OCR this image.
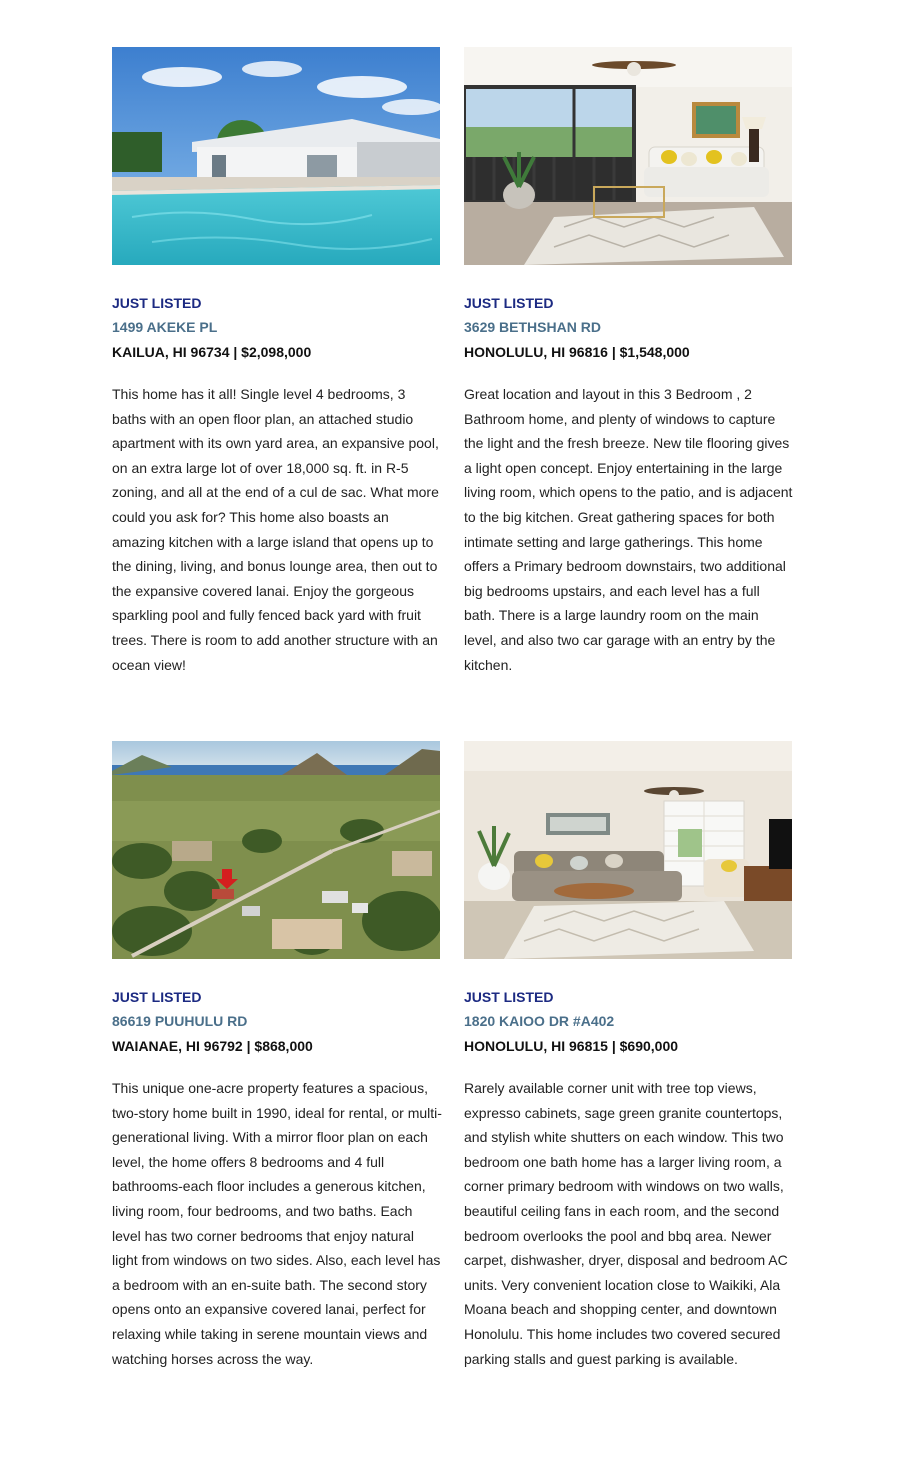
JUST LISTED
1499 AKEKE PL
KAILUA, HI 96734 | $2,098,000
This home has it all! Single level 4 bedrooms, 3 baths with an open floor plan, an attached studio apartment with its own yard area, an expansive pool, on an extra large lot of over 18,000 sq. ft. in R-5 zoning, and all at the end of a cul de sac. What more could you ask for? This home also boasts an amazing kitchen with a large island that opens up to the dining, living, and bonus lounge area, then out to the expansive covered lanai. Enjoy the gorgeous sparkling pool and fully fenced back yard with fruit trees. There is room to add another structure with an ocean view!
JUST LISTED
3629 BETHSHAN RD
HONOLULU, HI 96816 | $1,548,000
Great location and layout in this 3 Bedroom , 2 Bathroom home, and plenty of windows to capture the light and the fresh breeze. New tile flooring gives a light open concept. Enjoy entertaining in the large living room, which opens to the patio, and is adjacent to the big kitchen. Great gathering spaces for both intimate setting and large gatherings. This home offers a Primary bedroom downstairs, two additional big bedrooms upstairs, and each level has a full bath. There is a large laundry room on the main level, and also two car garage with an entry by the kitchen.
JUST LISTED
86619 PUUHULU RD
WAIANAE, HI 96792 | $868,000
This unique one-acre property features a spacious, two-story home built in 1990, ideal for rental, or multi-generational living. With a mirror floor plan on each level, the home offers 8 bedrooms and 4 full bathrooms-each floor includes a generous kitchen, living room, four bedrooms, and two baths. Each level has two corner bedrooms that enjoy natural light from windows on two sides. Also, each level has a bedroom with an en-suite bath. The second story opens onto an expansive covered lanai, perfect for relaxing while taking in serene mountain views and watching horses across the way.
JUST LISTED
1820 KAIOO DR #A402
HONOLULU, HI 96815 | $690,000
Rarely available corner unit with tree top views, expresso cabinets, sage green granite countertops, and stylish white shutters on each window. This two bedroom one bath home has a larger living room, a corner primary bedroom with windows on two walls, beautiful ceiling fans in each room, and the second bedroom overlooks the pool and bbq area. Newer carpet, dishwasher, dryer, disposal and bedroom AC units. Very convenient location close to Waikiki, Ala Moana beach and shopping center, and downtown Honolulu. This home includes two covered secured parking stalls and guest parking is available.
